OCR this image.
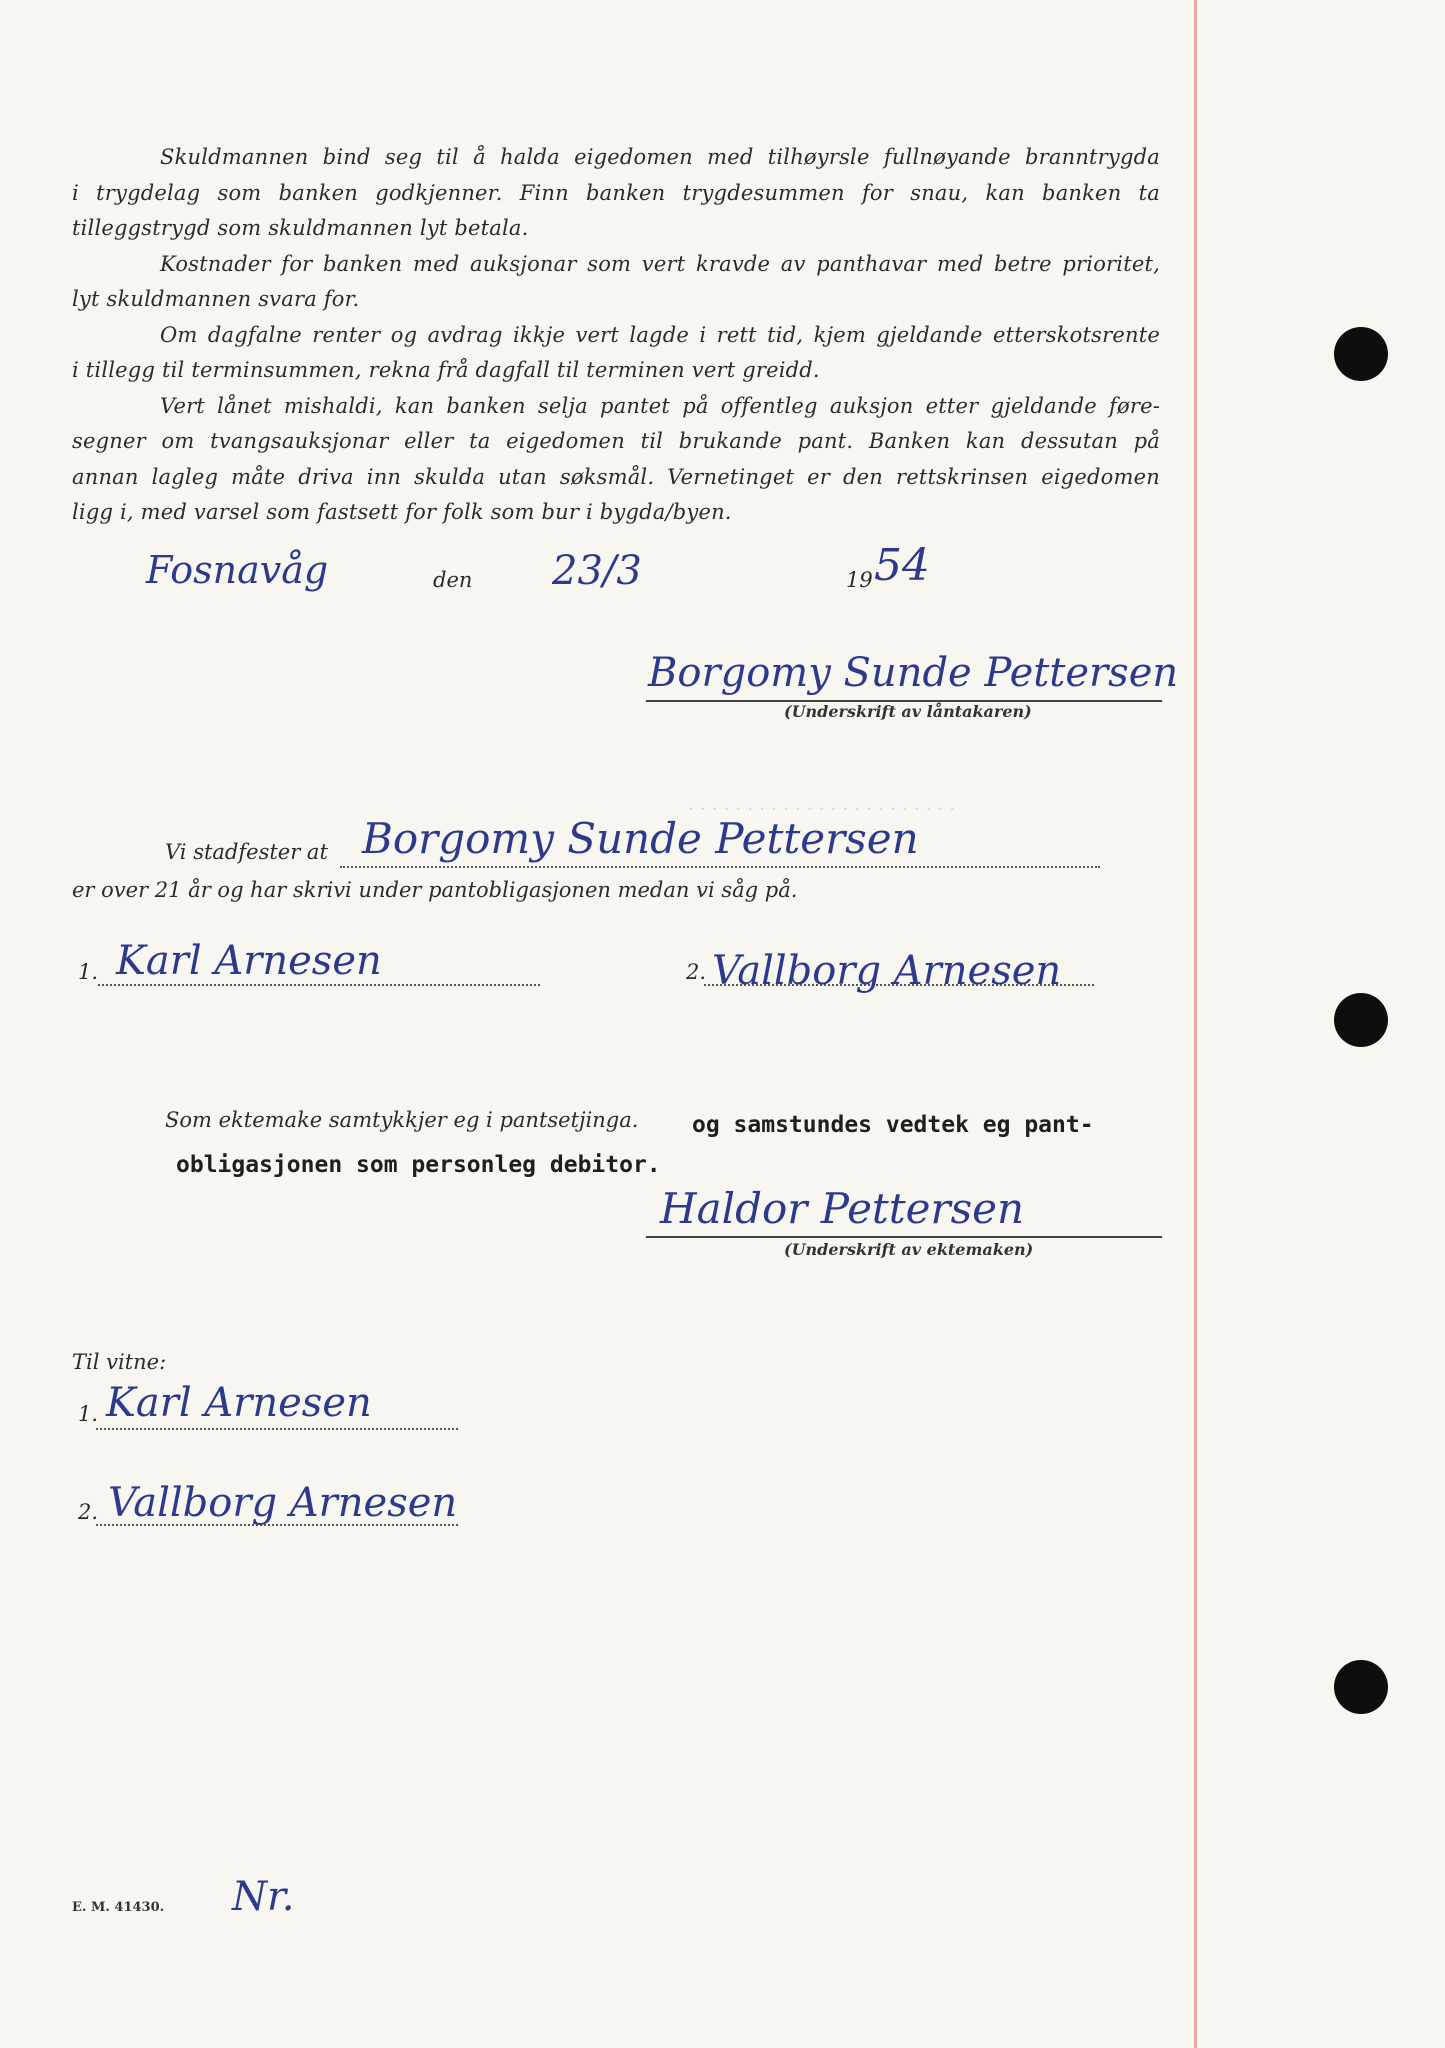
. . . . . . . . . . . . . . . . . . . . . . .

Skuldmannen bind seg til å halda eigedomen med tilhøyrsle fullnøyande branntrygda

i trygdelag som banken godkjenner. Finn banken trygdesummen for snau, kan banken ta

tilleggstrygd som skuldmannen lyt betala.

Kostnader for banken med auksjonar som vert kravde av panthavar med betre prioritet,

lyt skuldmannen svara for.

Om dagfalne renter og avdrag ikkje vert lagde i rett tid, kjem gjeldande etterskotsrente

i tillegg til terminsummen, rekna frå dagfall til terminen vert greidd.

Vert lånet mishaldi, kan banken selja pantet på offentleg auksjon etter gjeldande føre-

segner om tvangsauksjonar eller ta eigedomen til brukande pant. Banken kan dessutan på

annan lagleg måte driva inn skulda utan søksmål. Vernetinget er den rettskrinsen eigedomen

ligg i, med varsel som fastsett for folk som bur i bygda/byen.

Fosnavåg	den 23/3	19 54
Borgomy Sunde Pettersen
(Underskrift av låntakaren)
Vi stadfester at Borgomy Sunde Pettersen
er over 21 år og har skrivi under pantobligasjonen medan vi såg på.
1. Karl Arnesen	2. Vallborg Arnesen
Som ektemake samtykkjer eg i pantsetjinga. og samstundes vedtek eg pant-
obligasjonen som personleg debitor.
Haldor Pettersen
(Underskrift av ektemaken)
Til vitne:
1. Karl Arnesen
2. Vallborg Arnesen
E. M. 41430. Nr.
